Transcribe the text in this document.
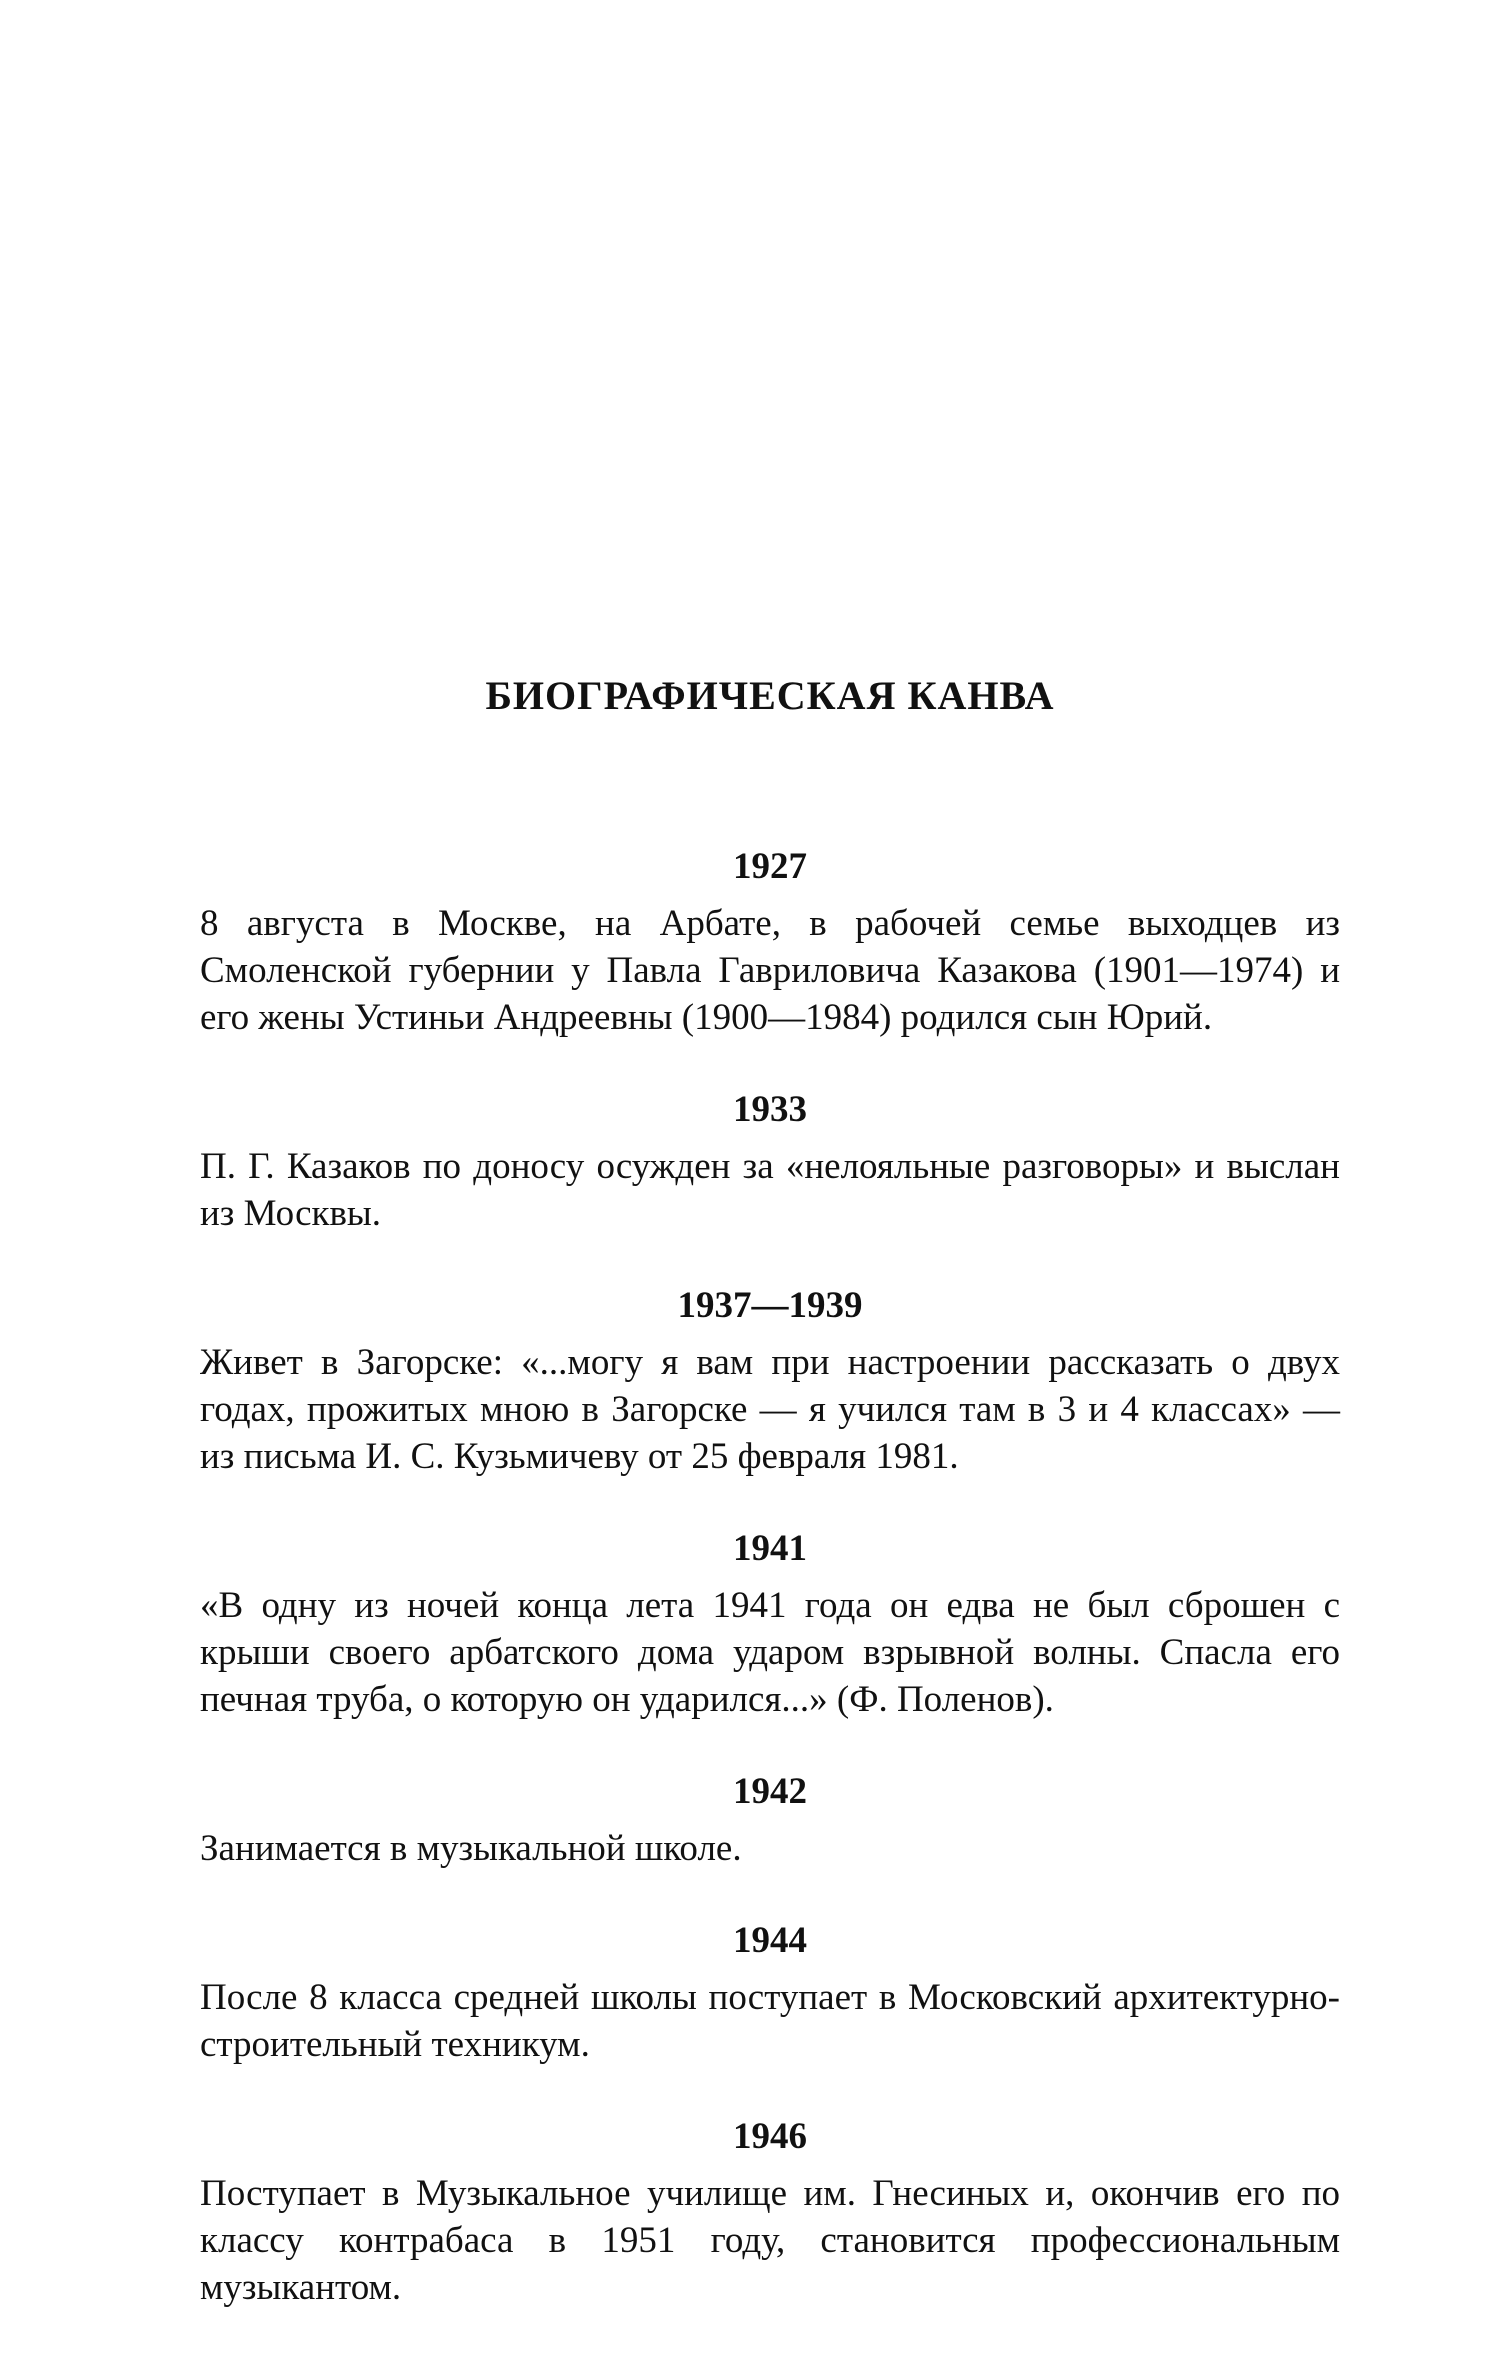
БИОГРАФИЧЕСКАЯ КАНВА
1927

8 августа в Москве, на Арбате, в рабочей семье выходцев из Смоленской губернии у Павла Гавриловича Казакова (1901—1974) и его жены Устиньи Андреевны (1900—1984) родился сын Юрий.

1933

П. Г. Казаков по доносу осужден за «нелояльные разговоры» и выслан из Москвы.

1937—1939

Живет в Загорске: «...могу я вам при настроении рассказать о двух годах, прожитых мною в Загорске — я учился там в 3 и 4 классах» — из письма И. С. Кузьмичеву от 25 февраля 1981.

1941

«В одну из ночей конца лета 1941 года он едва не был сброшен с крыши своего арбатского дома ударом взрывной волны. Спасла его печная труба, о которую он ударился...» (Ф. Поленов).

1942

Занимается в музыкальной школе.

1944

После 8 класса средней школы поступает в Московский архитектурно-строительный техникум.

1946

Поступает в Музыкальное училище им. Гнесиных и, окончив его по классу контрабаса в 1951 году, становится профессиональным музыкантом.
